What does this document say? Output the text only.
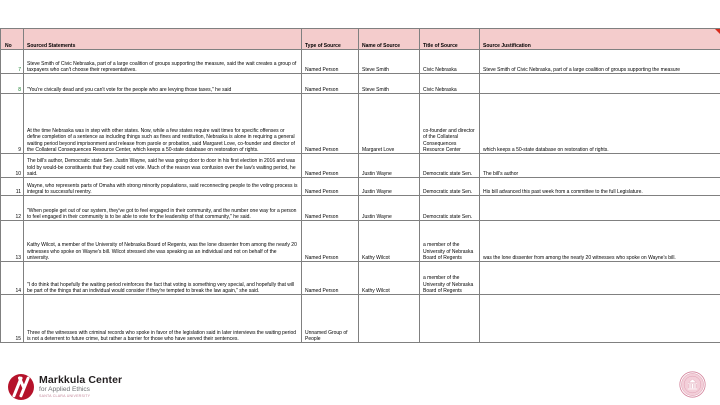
No	Sourced Statements	Type of Source	Name of Source	Title of Source	Source Justification

7	Steve Smith of Civic Nebraska, part of a large coalition of groups supporting the measure, said the wait creates a group of taxpayers who can't choose their representatives.	Named Person	Steve Smith	Civic Nebraska	Steve Smith of Civic Nebraska, part of a large coalition of groups supporting the measure
8	"You're civically dead and you can't vote for the people who are levying those taxes," he said	Named Person	Steve Smith	Civic Nebraska	
9	At the time Nebraska was in step with other states. Now, while a few states require wait times for specific offenses or define completion of a sentence as including things such as fines and restitution, Nebraska is alone in requiring a general waiting period beyond imprisonment and release from parole or probation, said Margaret Love, co-founder and director of the Collateral Consequences Resource Center, which keeps a 50-state database on restoration of rights.	Named Person	Margaret Love	co-founder and director of the Collateral Consequences Resource Center	which keeps a 50-state database on restoration of rights.
10	The bill's author, Democratic state Sen. Justin Wayne, said he was going door to door in his first election in 2016 and was told by would-be constituents that they could not vote. Much of the reason was confusion over the law's waiting period, he said.	Named Person	Justin Wayne	Democratic state Sen.	The bill's author
11	Wayne, who represents parts of Omaha with strong minority populations, said reconnecting people to the voting process is integral to successful reentry.	Named Person	Justin Wayne	Democratic state Sen.	His bill advanced this past week from a committee to the full Legislature.
12	"When people get out of our system, they've got to feel engaged in their community, and the number one way for a person to feel engaged in their community is to be able to vote for the leadership of that community," he said.	Named Person	Justin Wayne	Democratic state Sen.	
13	Kathy Wilcot, a member of the University of Nebraska Board of Regents, was the lone dissenter from among the nearly 20 witnesses who spoke on Wayne's bill. Wilcot stressed she was speaking as an individual and not on behalf of the university.	Named Person	Kathy Wilcot	a member of the University of Nebraska Board of Regents	was the lone dissenter from among the nearly 20 witnesses who spoke on Wayne's bill.
14	"I do think that hopefully the waiting period reinforces the fact that voting is something very special, and hopefully that will be part of the things that an individual would consider if they're tempted to break the law again," she said.	Named Person	Kathy Wilcot	a member of the University of Nebraska Board of Regents	
15	Three of the witnesses with criminal records who spoke in favor of the legislation said in later interviews the waiting period is not a deterrent to future crime, but rather a barrier for those who have served their sentences.	Unnamed Group of People			
Markkula Center
for Applied Ethics
SANTA CLARA UNIVERSITY
